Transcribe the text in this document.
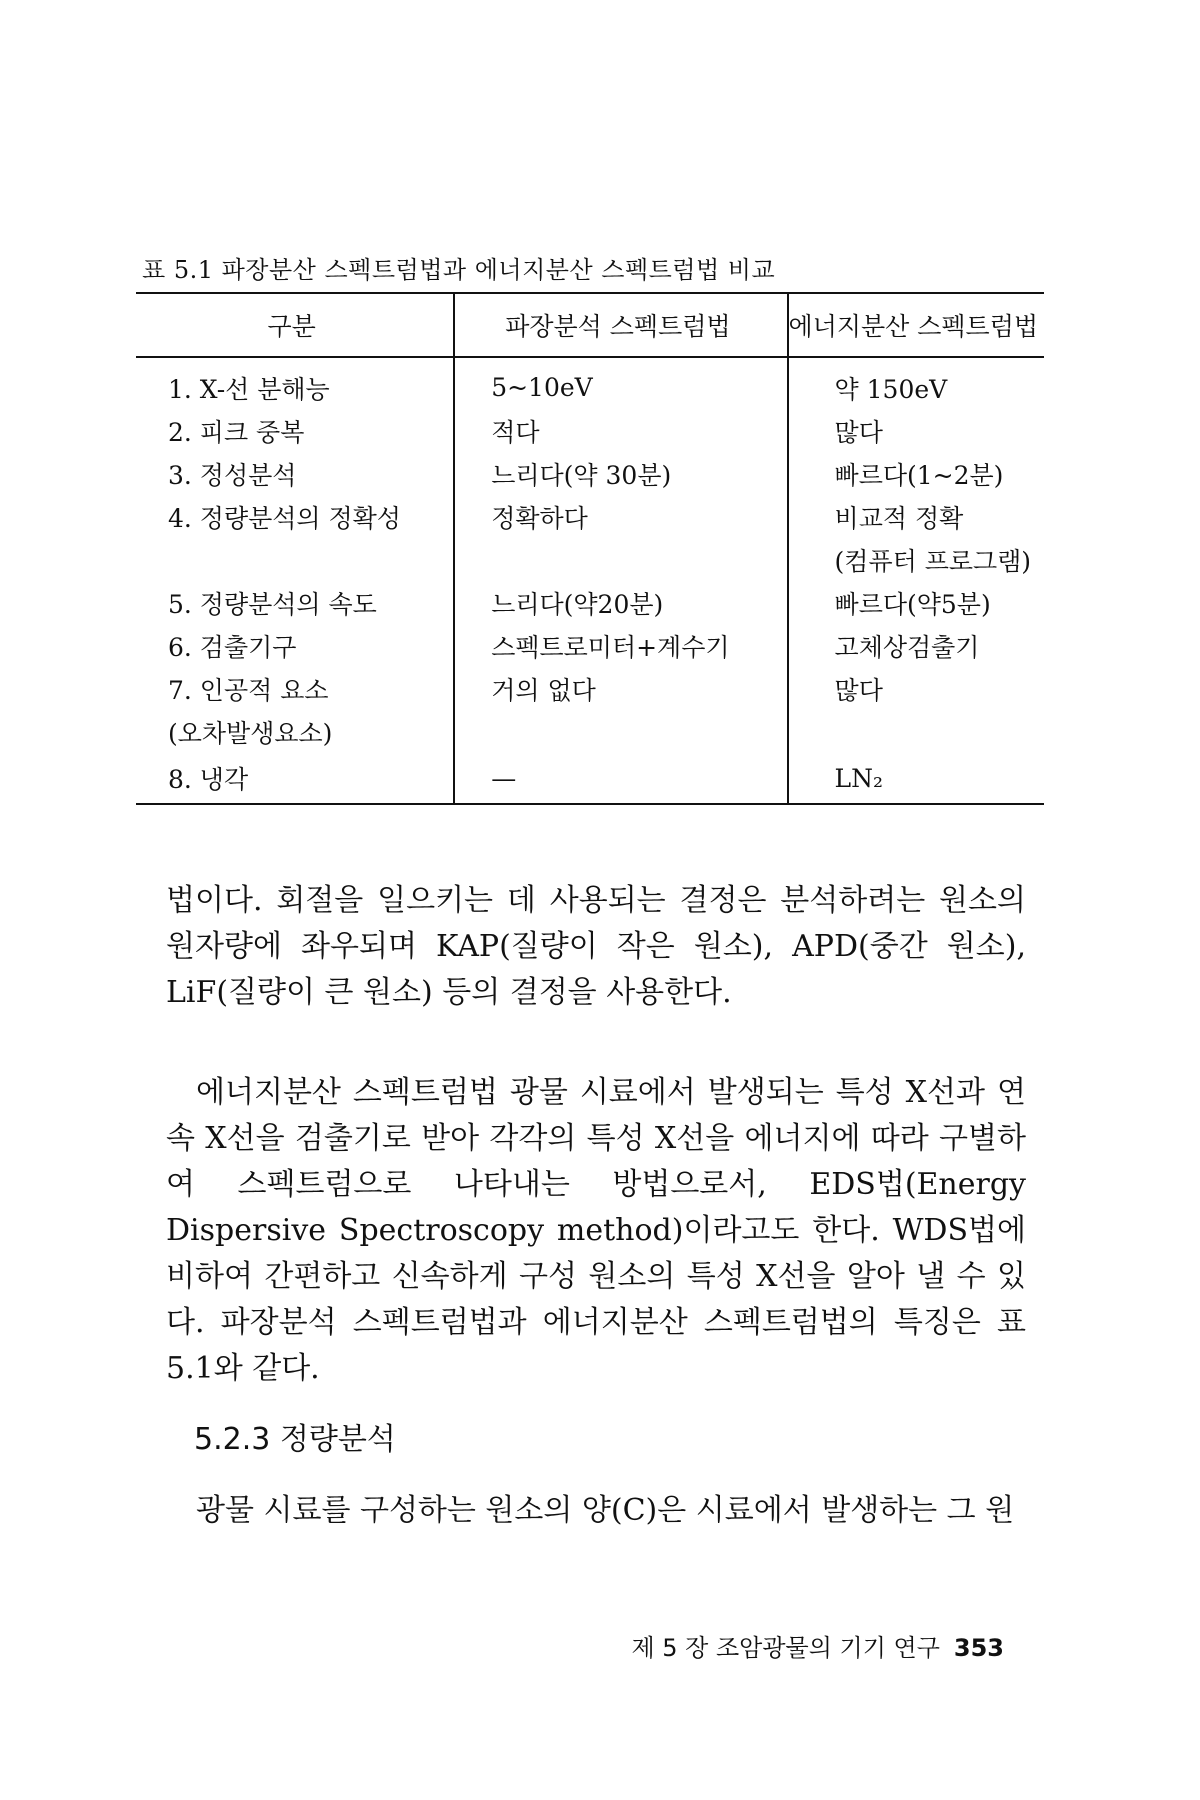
표 5.1 파장분산 스펙트럼법과 에너지분산 스펙트럼법 비교
구분	파장분석 스펙트럼법	에너지분산 스펙트럼법
1. X-선 분해능	5~10eV	약 150eV
2. 피크 중복	적다	많다
3. 정성분석	느리다(약 30분)	빠르다(1~2분)
4. 정량분석의 정확성	정확하다	비교적 정확
		(컴퓨터 프로그램)
5. 정량분석의 속도	느리다(약20분)	빠르다(약5분)
6. 검출기구	스펙트로미터+계수기	고체상검출기
7. 인공적 요소	거의 없다	많다
(오차발생요소)		
8. 냉각	—	LN₂

법이다. 회절을 일으키는 데 사용되는 결정은 분석하려는 원소의 원자량에 좌우되며 KAP(질량이 작은 원소), APD(중간 원소), LiF(질량이 큰 원소) 등의 결정을 사용한다.

에너지분산 스펙트럼법 광물 시료에서 발생되는 특성 X선과 연속 X선을 검출기로 받아 각각의 특성 X선을 에너지에 따라 구별하여 스펙트럼으로 나타내는 방법으로서, EDS법(Energy Dispersive Spectroscopy method)이라고도 한다. WDS법에 비하여 간편하고 신속하게 구성 원소의 특성 X선을 알아 낼 수 있다. 파장분석 스펙트럼법과 에너지분산 스펙트럼법의 특징은 표 5.1와 같다.

5.2.3 정량분석

광물 시료를 구성하는 원소의 양(C)은 시료에서 발생하는 그 원

제 5 장 조암광물의 기기 연구 353
